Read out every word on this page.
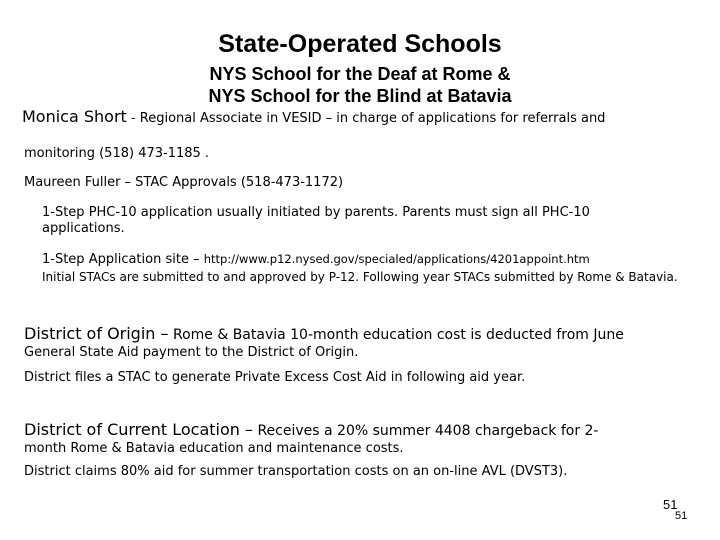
State-Operated Schools
NYS School for the Deaf at Rome &
NYS School for the Blind at Batavia
Monica Short - Regional Associate in VESID – in charge of applications for referrals and
monitoring (518) 473-1185 .
Maureen Fuller – STAC Approvals (518-473-1172)
1-Step PHC-10 application usually initiated by parents. Parents must sign all PHC-10
applications.
1-Step Application site – http://www.p12.nysed.gov/specialed/applications/4201appoint.htm
Initial STACs are submitted to and approved by P-12. Following year STACs submitted by Rome & Batavia.
District of Origin – Rome & Batavia 10-month education cost is deducted from June
General State Aid payment to the District of Origin.
District files a STAC to generate Private Excess Cost Aid in following aid year.
District of Current Location – Receives a 20% summer 4408 chargeback for 2-
month Rome & Batavia education and maintenance costs.
District claims 80% aid for summer transportation costs on an on-line AVL (DVST3).
51
51
